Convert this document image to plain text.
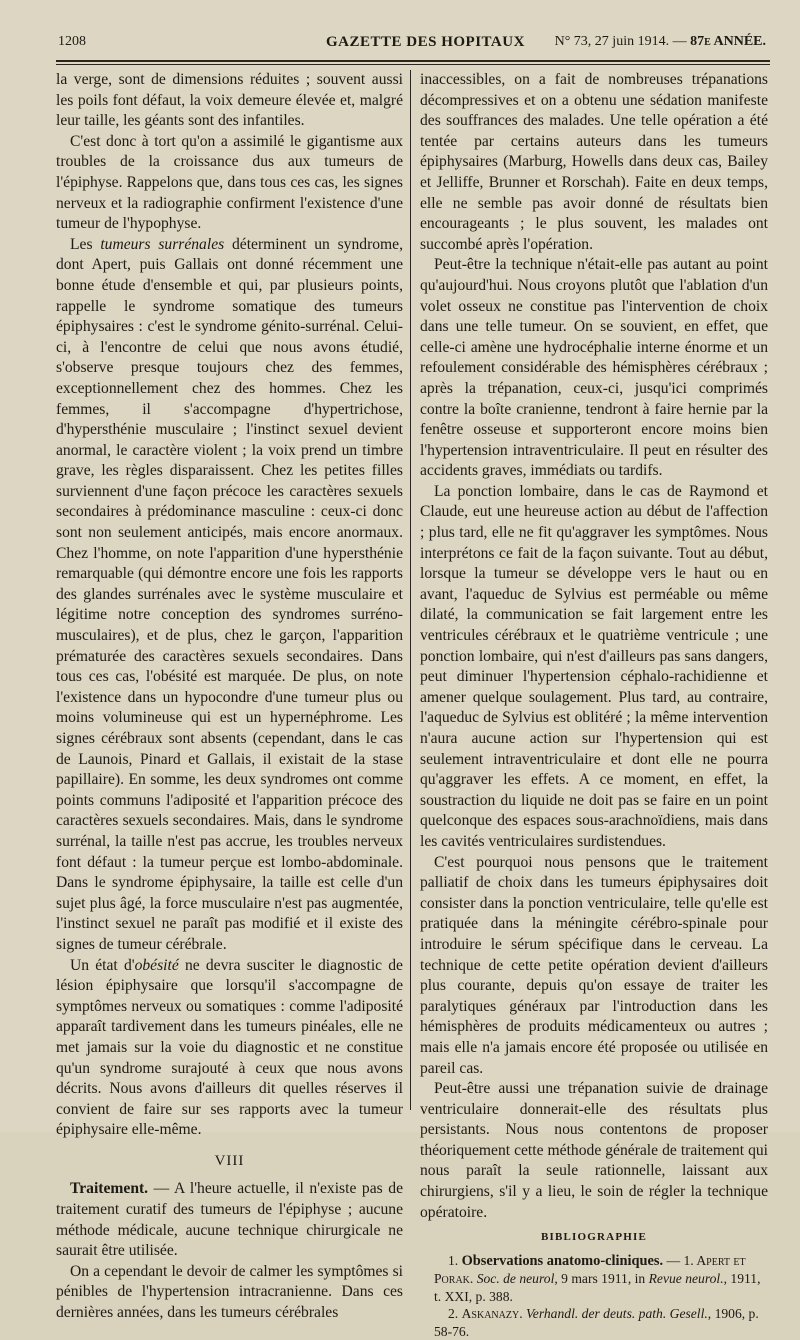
1208	GAZETTE DES HOPITAUX N° 73, 27 juin 1914. — 87e ANNÉE.

la verge, sont de dimensions réduites ; souvent aussi les poils font défaut, la voix demeure élevée et, malgré leur taille, les géants sont des infantiles.

C'est donc à tort qu'on a assimilé le gigantisme aux troubles de la croissance dus aux tumeurs de l'épiphyse. Rappelons que, dans tous ces cas, les signes nerveux et la radiographie confirment l'existence d'une tumeur de l'hypophyse.

Les tumeurs surrénales déterminent un syndrome, dont Apert, puis Gallais ont donné récemment une bonne étude d'ensemble et qui, par plusieurs points, rappelle le syndrome somatique des tumeurs épiphysaires : c'est le syndrome génito-surrénal. Celui-ci, à l'encontre de celui que nous avons étudié, s'observe presque toujours chez des femmes, exceptionnellement chez des hommes. Chez les femmes, il s'accompagne d'hypertrichose, d'hypersthénie musculaire ; l'instinct sexuel devient anormal, le caractère violent ; la voix prend un timbre grave, les règles disparaissent. Chez les petites filles surviennent d'une façon précoce les caractères sexuels secondaires à prédominance masculine : ceux-ci donc sont non seulement anticipés, mais encore anormaux. Chez l'homme, on note l'apparition d'une hypersthénie remarquable (qui démontre encore une fois les rapports des glandes surrénales avec le système musculaire et légitime notre conception des syndromes surréno-musculaires), et de plus, chez le garçon, l'apparition prématurée des caractères sexuels secondaires. Dans tous ces cas, l'obésité est marquée. De plus, on note l'existence dans un hypocondre d'une tumeur plus ou moins volumineuse qui est un hypernéphrome. Les signes cérébraux sont absents (cependant, dans le cas de Launois, Pinard et Gallais, il existait de la stase papillaire). En somme, les deux syndromes ont comme points communs l'adiposité et l'apparition précoce des caractères sexuels secondaires. Mais, dans le syndrome surrénal, la taille n'est pas accrue, les troubles nerveux font défaut : la tumeur perçue est lombo-abdominale. Dans le syndrome épiphysaire, la taille est celle d'un sujet plus âgé, la force musculaire n'est pas augmentée, l'instinct sexuel ne paraît pas modifié et il existe des signes de tumeur cérébrale.

Un état d'obésité ne devra susciter le diagnostic de lésion épiphysaire que lorsqu'il s'accompagne de symptômes nerveux ou somatiques : comme l'adiposité apparaît tardivement dans les tumeurs pinéales, elle ne met jamais sur la voie du diagnostic et ne constitue qu'un syndrome surajouté à ceux que nous avons décrits. Nous avons d'ailleurs dit quelles réserves il convient de faire sur ses rapports avec la tumeur épiphysaire elle-même.

VIII

Traitement. — A l'heure actuelle, il n'existe pas de traitement curatif des tumeurs de l'épiphyse ; aucune méthode médicale, aucune technique chirurgicale ne saurait être utilisée.

On a cependant le devoir de calmer les symptômes si pénibles de l'hypertension intracranienne. Dans ces dernières années, dans les tumeurs cérébrales

inaccessibles, on a fait de nombreuses trépanations décompressives et on a obtenu une sédation manifeste des souffrances des malades. Une telle opération a été tentée par certains auteurs dans les tumeurs épiphysaires (Marburg, Howells dans deux cas, Bailey et Jelliffe, Brunner et Rorschah). Faite en deux temps, elle ne semble pas avoir donné de résultats bien encourageants ; le plus souvent, les malades ont succombé après l'opération.

Peut-être la technique n'était-elle pas autant au point qu'aujourd'hui. Nous croyons plutôt que l'ablation d'un volet osseux ne constitue pas l'intervention de choix dans une telle tumeur. On se souvient, en effet, que celle-ci amène une hydrocéphalie interne énorme et un refoulement considérable des hémisphères cérébraux ; après la trépanation, ceux-ci, jusqu'ici comprimés contre la boîte cranienne, tendront à faire hernie par la fenêtre osseuse et supporteront encore moins bien l'hypertension intraventriculaire. Il peut en résulter des accidents graves, immédiats ou tardifs.

La ponction lombaire, dans le cas de Raymond et Claude, eut une heureuse action au début de l'affection ; plus tard, elle ne fit qu'aggraver les symptômes. Nous interprétons ce fait de la façon suivante. Tout au début, lorsque la tumeur se développe vers le haut ou en avant, l'aqueduc de Sylvius est perméable ou même dilaté, la communication se fait largement entre les ventricules cérébraux et le quatrième ventricule ; une ponction lombaire, qui n'est d'ailleurs pas sans dangers, peut diminuer l'hypertension céphalo-rachidienne et amener quelque soulagement. Plus tard, au contraire, l'aqueduc de Sylvius est oblitéré ; la même intervention n'aura aucune action sur l'hypertension qui est seulement intraventriculaire et dont elle ne pourra qu'aggraver les effets. A ce moment, en effet, la soustraction du liquide ne doit pas se faire en un point quelconque des espaces sous-arachnoïdiens, mais dans les cavités ventriculaires surdistendues.

C'est pourquoi nous pensons que le traitement palliatif de choix dans les tumeurs épiphysaires doit consister dans la ponction ventriculaire, telle qu'elle est pratiquée dans la méningite cérébro-spinale pour introduire le sérum spécifique dans le cerveau. La technique de cette petite opération devient d'ailleurs plus courante, depuis qu'on essaye de traiter les paralytiques généraux par l'introduction dans les hémisphères de produits médicamenteux ou autres ; mais elle n'a jamais encore été proposée ou utilisée en pareil cas.

Peut-être aussi une trépanation suivie de drainage ventriculaire donnerait-elle des résultats plus persistants. Nous nous contentons de proposer théoriquement cette méthode générale de traitement qui nous paraît la seule rationnelle, laissant aux chirurgiens, s'il y a lieu, le soin de régler la technique opératoire.

BIBLIOGRAPHIE

1. Observations anatomo-cliniques. — 1. Apert et Porak. Soc. de neurol, 9 mars 1911, in Revue neurol., 1911, t. XXI, p. 388.

2. Askanazy. Verhandl. der deuts. path. Gesell., 1906, p. 58-76.
